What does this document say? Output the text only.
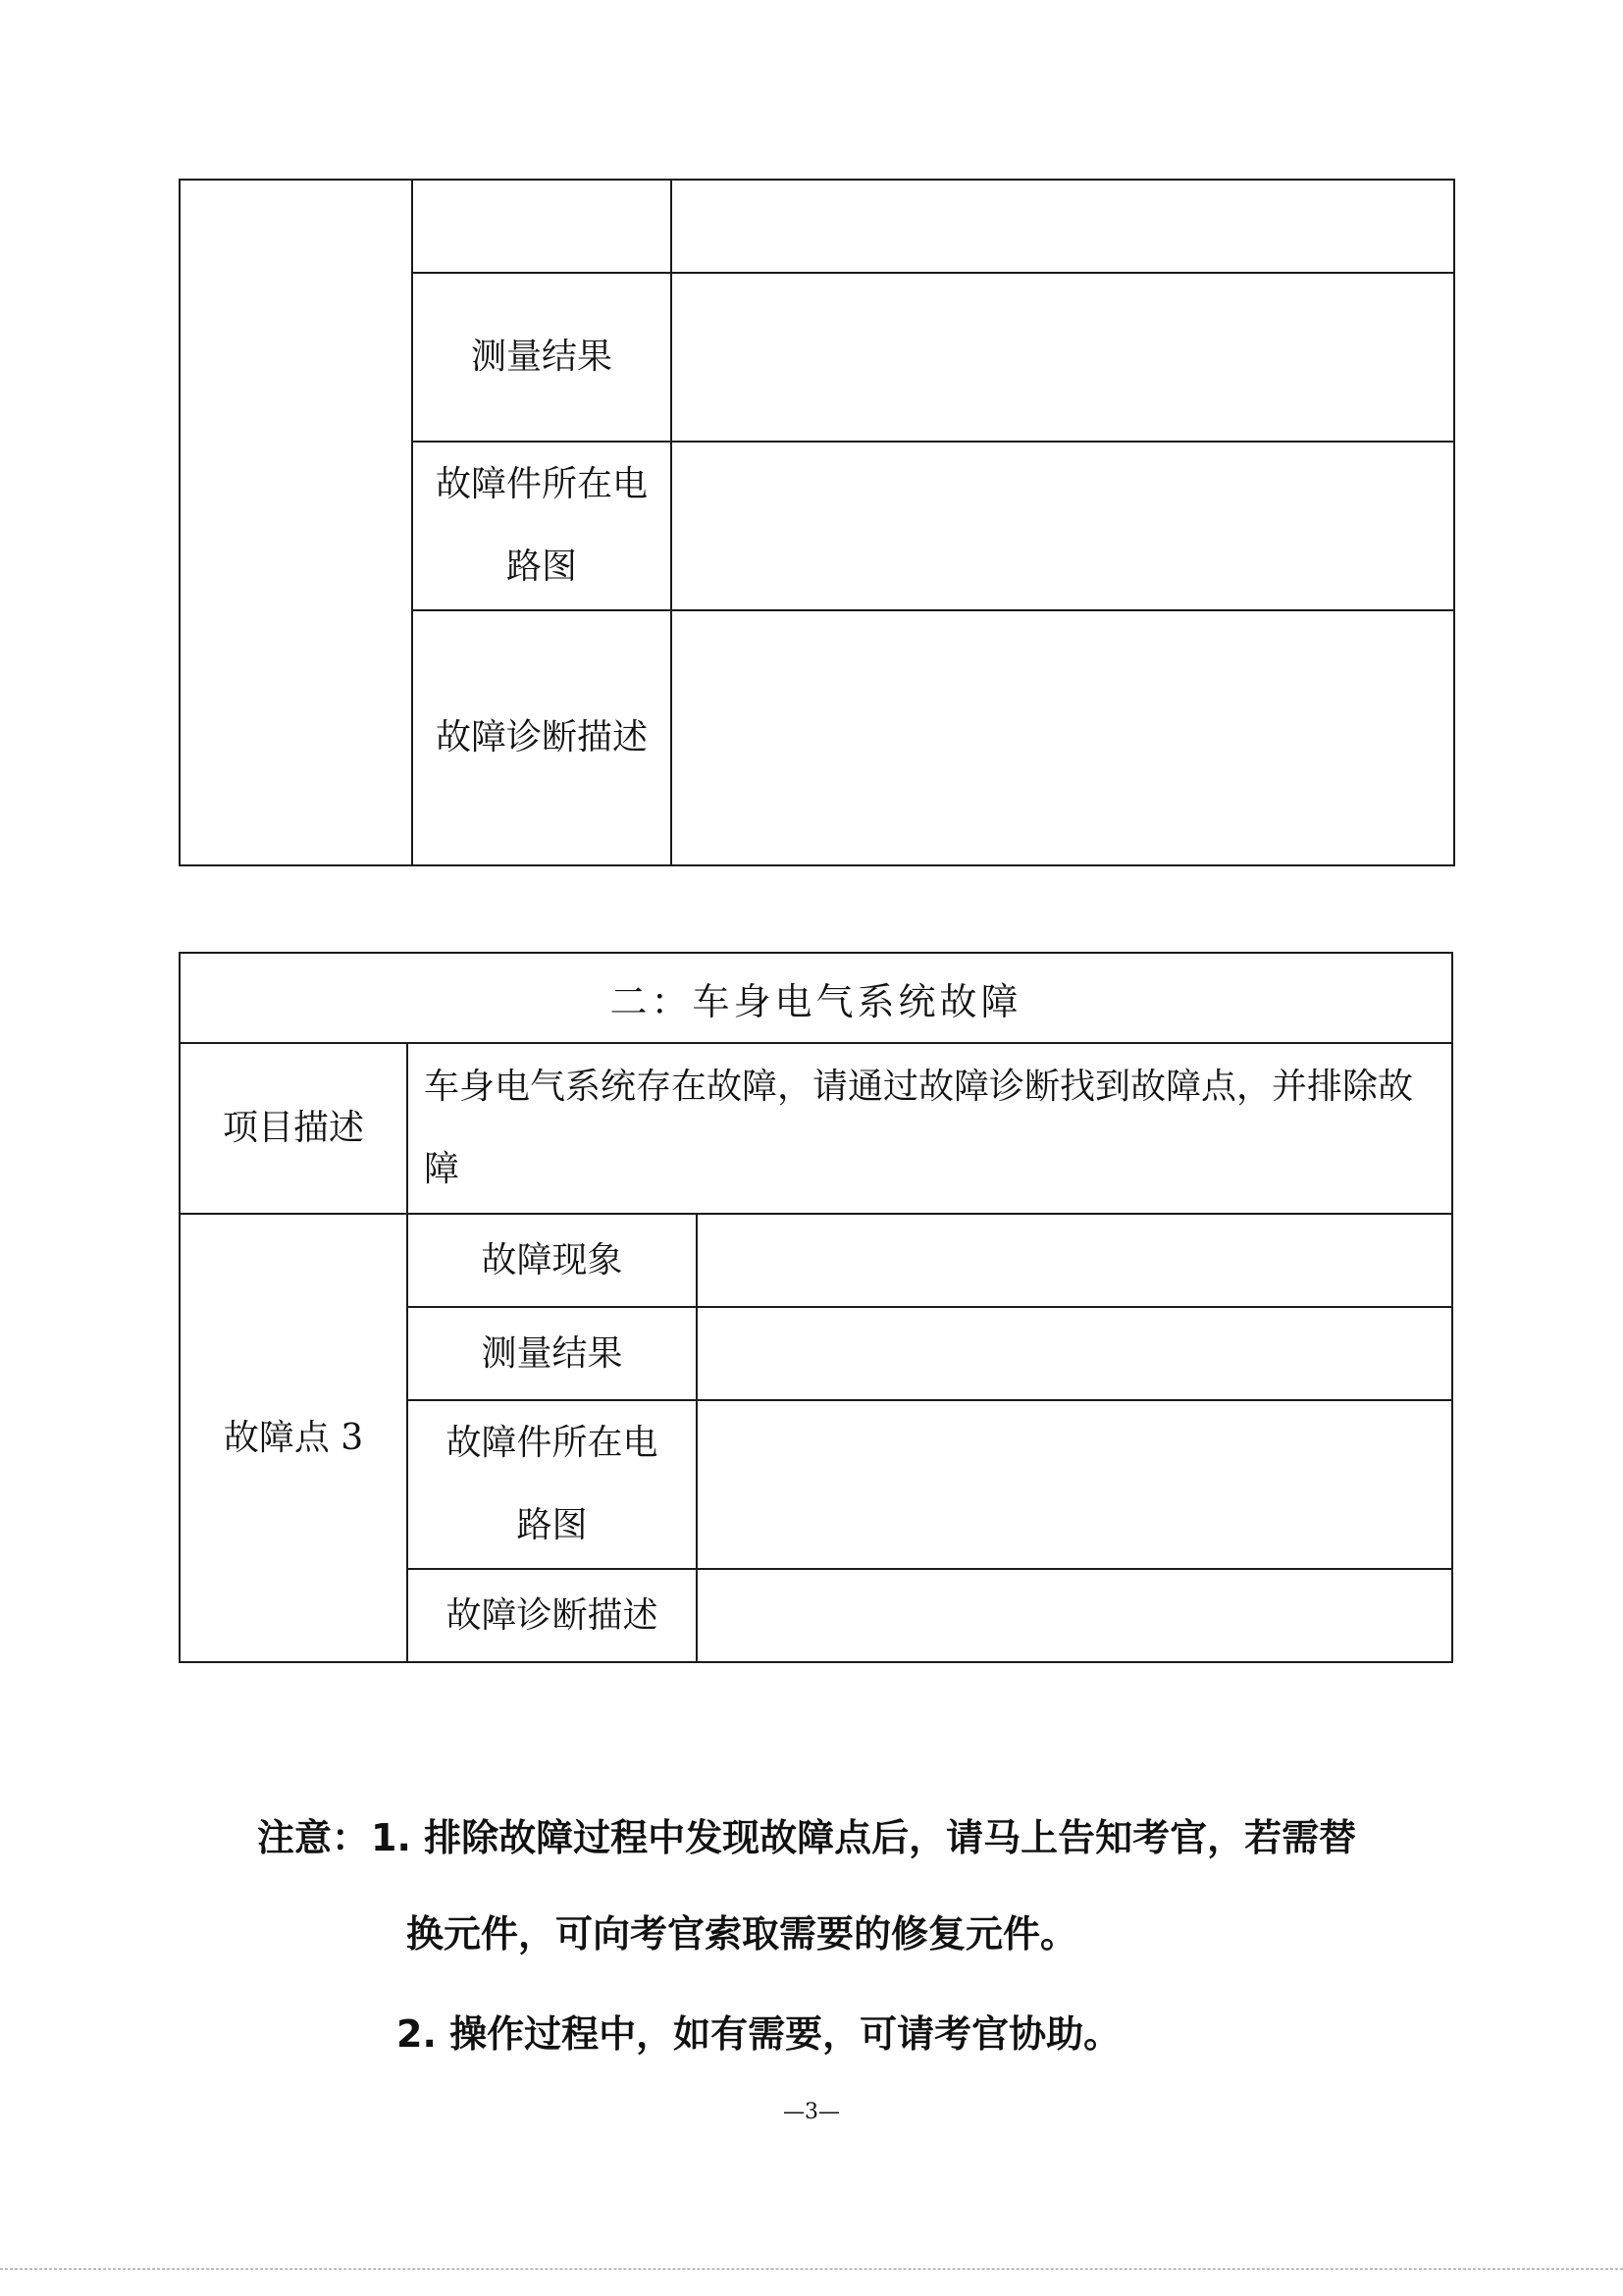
	测量结果	

	故障件所在电
路图	

	故障诊断描述	
二：车身电气系统故障		
项目描述	车身电气系统存在故障，请通过故障诊断找到故障点，并排除故障	
故障点 3	故障现象	
	测量结果	

	故障件所在电
路图	

	故障诊断描述	
注意： 1. 排除故障过程中发现故障点后，请马上告知考官，若需替
换元件，可向考官索取需要的修复元件。
2. 操作过程中，如有需要，可请考官协助。
—3—
